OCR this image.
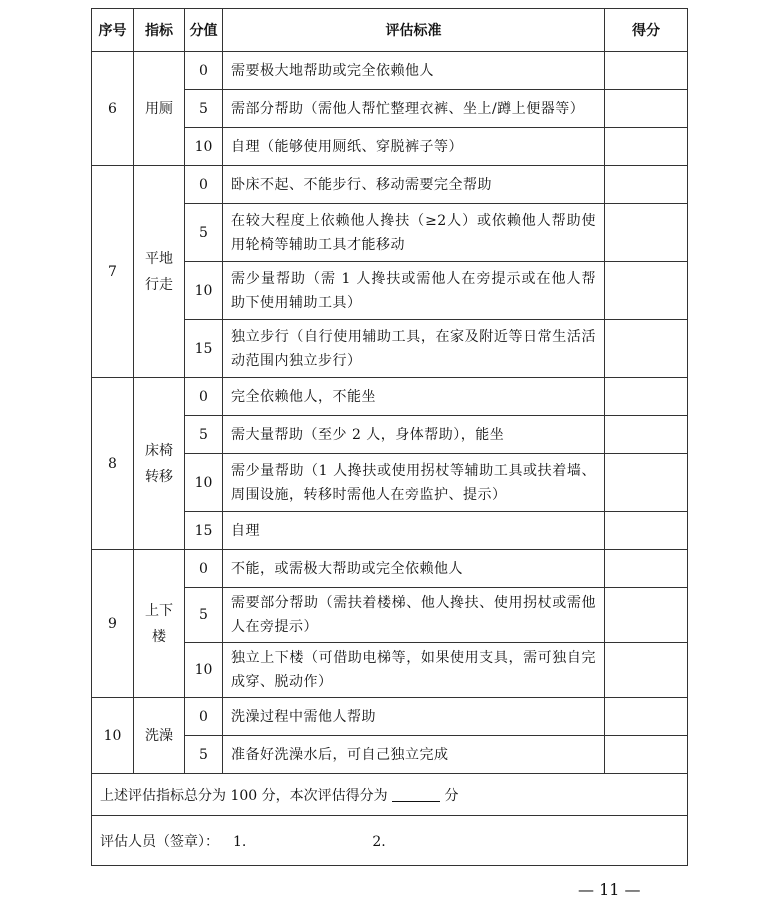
序号	指标	分值	评估标准	得分
6	用厕	0	需要极大地帮助或完全依赖他人	
		5	需部分帮助（需他人帮忙整理衣裤、坐上/蹲上便器等）	
		10	自理（能够使用厕纸、穿脱裤子等）	
7	平地行走	0	卧床不起、不能步行、移动需要完全帮助	
		5	在较大程度上依赖他人搀扶（≥2人）或依赖他人帮助使用轮椅等辅助工具才能移动	
		10	需少量帮助（需 1 人搀扶或需他人在旁提示或在他人帮助下使用辅助工具）	
		15	独立步行（自行使用辅助工具，在家及附近等日常生活活动范围内独立步行）	
8	床椅转移	0	完全依赖他人，不能坐	
		5	需大量帮助（至少 2 人，身体帮助），能坐	
		10	需少量帮助（1 人搀扶或使用拐杖等辅助工具或扶着墙、周围设施，转移时需他人在旁监护、提示）	
		15	自理	
9	上下楼	0	不能，或需极大帮助或完全依赖他人	
		5	需要部分帮助（需扶着楼梯、他人搀扶、使用拐杖或需他人在旁提示）	
		10	独立上下楼（可借助电梯等，如果使用支具，需可独自完成穿、脱动作）	
10	洗澡	0	洗澡过程中需他人帮助	
		5	准备好洗澡水后，可自己独立完成	
上述评估指标总分为 100 分，本次评估得分为 分				
评估人员（签章）： 1. 2.				
— 11 —
